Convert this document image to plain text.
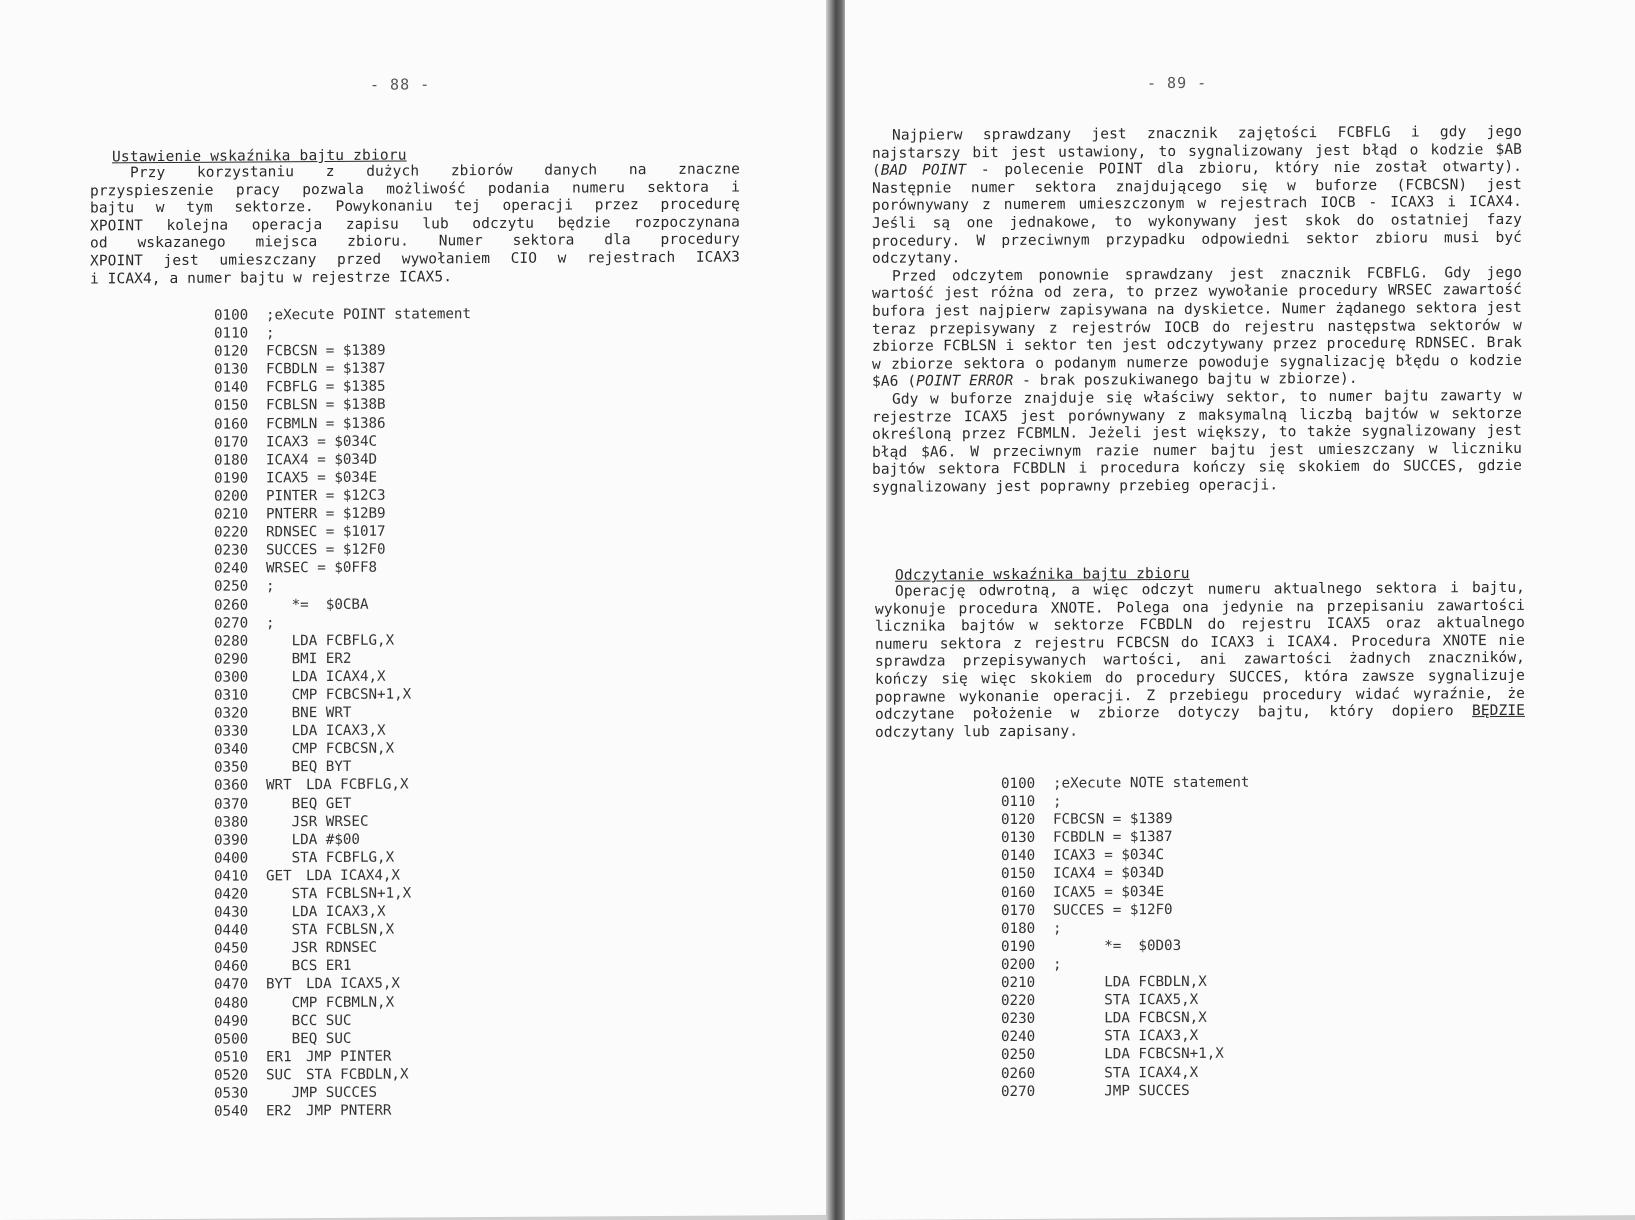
- 88 -
Ustawienie wskaźnika bajtu zbioru
Przy korzystaniu z dużych zbiorów danych na znaczne
przyspieszenie pracy pozwala możliwość podania numeru sektora i
bajtu w tym sektorze. Powykonaniu tej operacji przez procedurę
XPOINT kolejna operacja zapisu lub odczytu będzie rozpoczynana
od wskazanego miejsca zbioru. Numer sektora dla procedury
XPOINT jest umieszczany przed wywołaniem CIO w rejestrach ICAX3
i ICAX4, a numer bajtu w rejestrze ICAX5.
0100 ;eXecute POINT statement
0110 ;
0120 FCBCSN = $1389
0130 FCBDLN = $1387
0140 FCBFLG = $1385
0150 FCBLSN = $138B
0160 FCBMLN = $1386
0170 ICAX3 = $034C
0180 ICAX4 = $034D
0190 ICAX5 = $034E
0200 PINTER = $12C3
0210 PNTERR = $12B9
0220 RDNSEC = $1017
0230 SUCCES = $12F0
0240 WRSEC = $0FF8
0250 ;
0260   *=  $0CBA
0270 ;
0280   LDA FCBFLG,X
0290   BMI ER2
0300   LDA ICAX4,X
0310   CMP FCBCSN+1,X
0320   BNE WRT
0330   LDA ICAX3,X
0340   CMP FCBCSN,X
0350   BEQ BYT
0360 WRT LDA FCBFLG,X
0370   BEQ GET
0380   JSR WRSEC
0390   LDA #$00
0400   STA FCBFLG,X
0410 GET LDA ICAX4,X
0420   STA FCBLSN+1,X
0430   LDA ICAX3,X
0440   STA FCBLSN,X
0450   JSR RDNSEC
0460   BCS ER1
0470 BYT LDA ICAX5,X
0480   CMP FCBMLN,X
0490   BCC SUC
0500   BEQ SUC
0510 ER1 JMP PINTER
0520 SUC STA FCBDLN,X
0530   JMP SUCCES
0540 ER2 JMP PNTERR
- 89 -
Najpierw sprawdzany jest znacznik zajętości FCBFLG i gdy jego najstarszy bit jest ustawiony, to sygnalizowany jest błąd o kodzie $AB (BAD POINT - polecenie POINT dla zbioru, który nie został otwarty). Następnie numer sektora znajdującego się w buforze (FCBCSN) jest porównywany z numerem umieszczonym w rejestrach IOCB - ICAX3 i ICAX4. Jeśli są one jednakowe, to wykonywany jest skok do ostatniej fazy procedury. W przeciwnym przypadku odpowiedni sektor zbioru musi być odczytany.
Przed odczytem ponownie sprawdzany jest znacznik FCBFLG. Gdy jego wartość jest różna od zera, to przez wywołanie procedury WRSEC zawartość bufora jest najpierw zapisywana na dyskietce. Numer żądanego sektora jest teraz przepisywany z rejestrów IOCB do rejestru następstwa sektorów w zbiorze FCBLSN i sektor ten jest odczytywany przez procedurę RDNSEC. Brak w zbiorze sektora o podanym numerze powoduje sygnalizację błędu o kodzie $A6 (POINT ERROR - brak poszukiwanego bajtu w zbiorze).
Gdy w buforze znajduje się właściwy sektor, to numer bajtu zawarty w rejestrze ICAX5 jest porównywany z maksymalną liczbą bajtów w sektorze określoną przez FCBMLN. Jeżeli jest większy, to także sygnalizowany jest błąd $A6. W przeciwnym razie numer bajtu jest umieszczany w liczniku bajtów sektora FCBDLN i procedura kończy się skokiem do SUCCES, gdzie sygnalizowany jest poprawny przebieg operacji.
Odczytanie wskaźnika bajtu zbioru
Operację odwrotną, a więc odczyt numeru aktualnego sektora i bajtu, wykonuje procedura XNOTE. Polega ona jedynie na przepisaniu zawartości licznika bajtów w sektorze FCBDLN do rejestru ICAX5 oraz aktualnego numeru sektora z rejestru FCBCSN do ICAX3 i ICAX4. Procedura XNOTE nie sprawdza przepisywanych wartości, ani zawartości żadnych znaczników, kończy się więc skokiem do procedury SUCCES, która zawsze sygnalizuje poprawne wykonanie operacji. Z przebiegu procedury widać wyraźnie, że odczytane położenie w zbiorze dotyczy bajtu, który dopiero BĘDZIE odczytany lub zapisany.
0100 ;eXecute NOTE statement
0110 ;
0120 FCBCSN = $1389
0130 FCBDLN = $1387
0140 ICAX3 = $034C
0150 ICAX4 = $034D
0160 ICAX5 = $034E
0170 SUCCES = $12F0
0180 ;
0190      *=  $0D03
0200 ;
0210      LDA FCBDLN,X
0220      STA ICAX5,X
0230      LDA FCBCSN,X
0240      STA ICAX3,X
0250      LDA FCBCSN+1,X
0260      STA ICAX4,X
0270      JMP SUCCES
